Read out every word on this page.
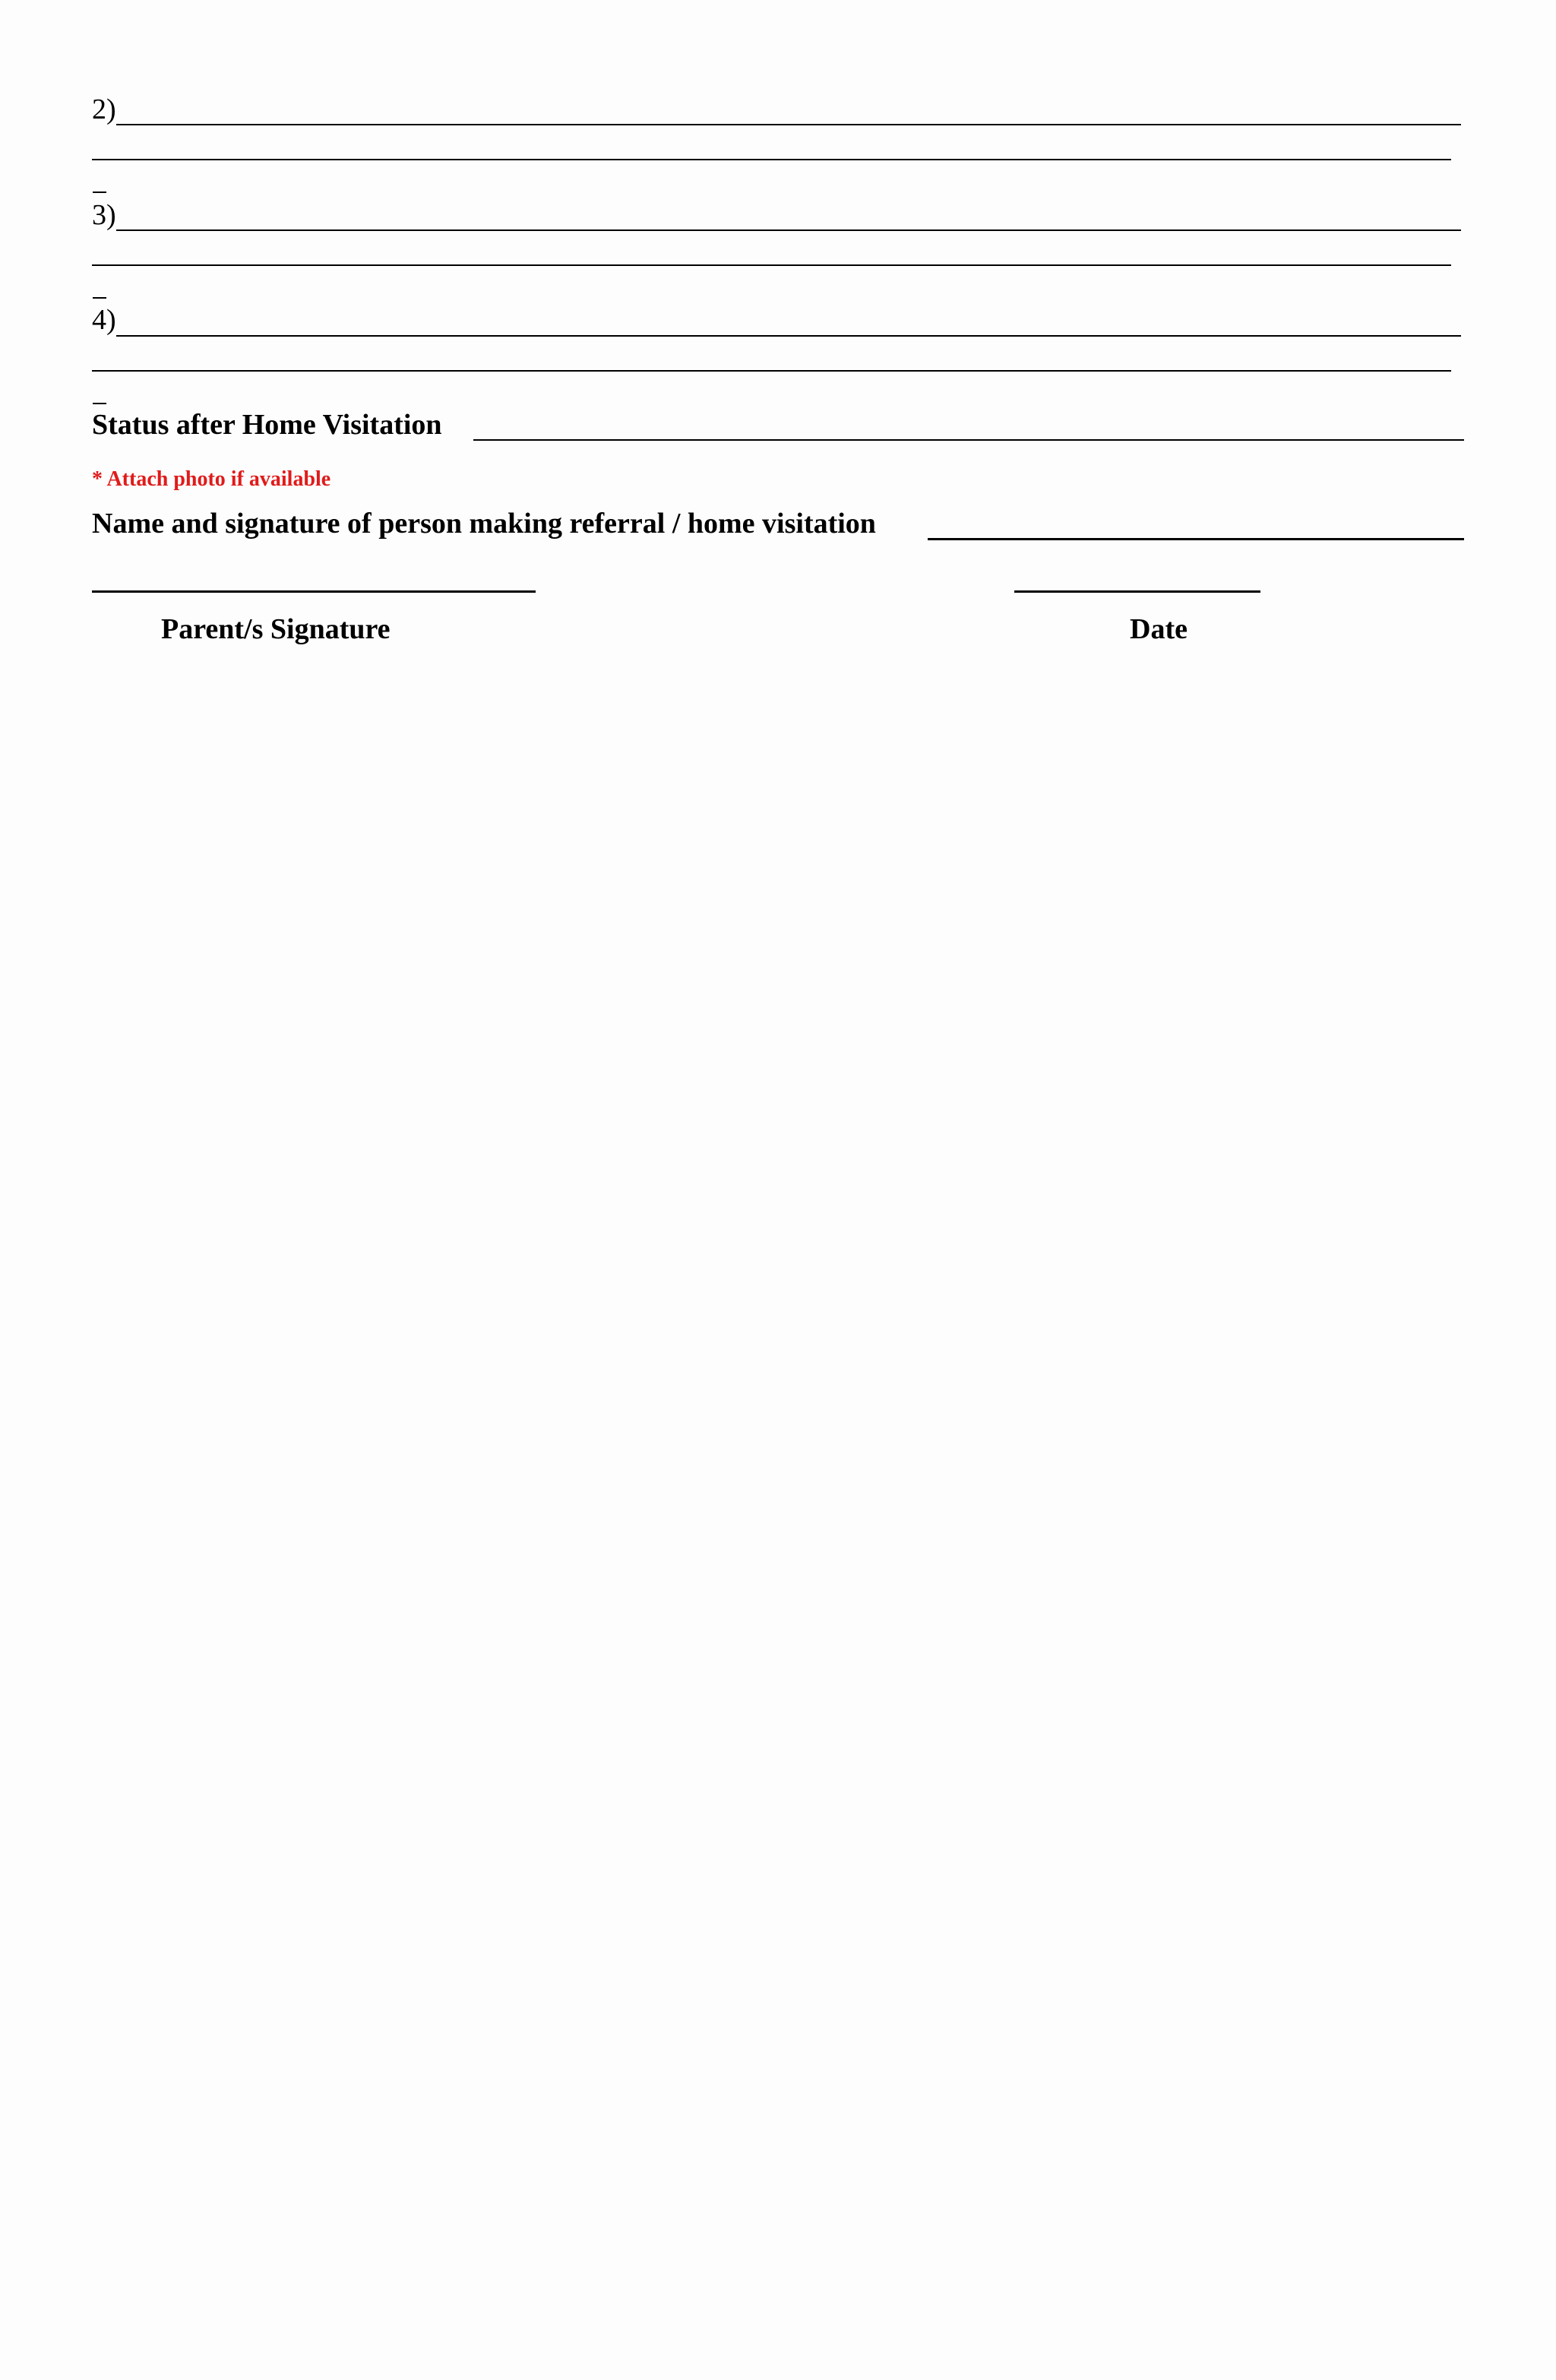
2)
3)
4)
Status after Home Visitation
* Attach photo if available
Name and signature of person making referral / home visitation
Parent/s Signature	Date
